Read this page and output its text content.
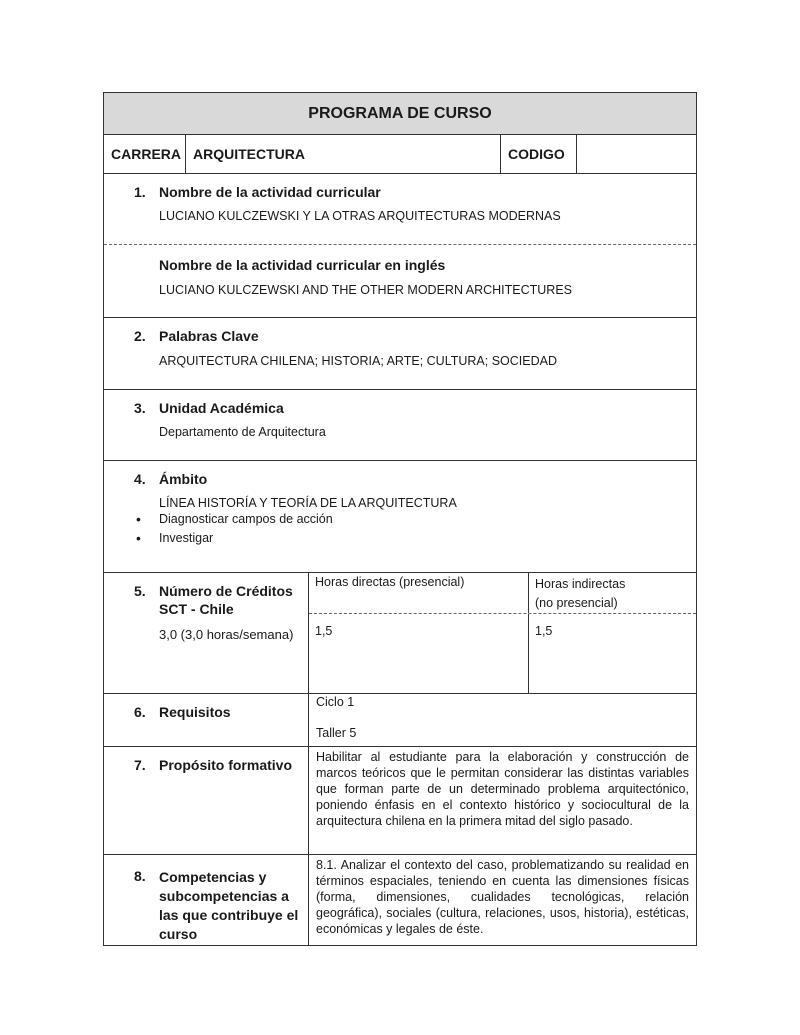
PROGRAMA DE CURSO
CARRERA ARQUITECTURA	CODIGO
1. Nombre de la actividad curricular
LUCIANO KULCZEWSKI Y LA OTRAS ARQUITECTURAS MODERNAS
Nombre de la actividad curricular en inglés
LUCIANO KULCZEWSKI AND THE OTHER MODERN ARCHITECTURES
2. Palabras Clave
ARQUITECTURA CHILENA; HISTORIA; ARTE; CULTURA; SOCIEDAD
3. Unidad Académica
Departamento de Arquitectura
4. Ámbito
LÍNEA HISTORÍA Y TEORÍA DE LA ARQUITECTURA
• Diagnosticar campos de acción
• Investigar
5. Número de Créditos
SCT - Chile
3,0 (3,0 horas/semana)
Horas directas (presencial)	Horas indirectas
(no presencial)
1,5	1,5
6. Requisitos
Ciclo 1
Taller 5
7. Propósito formativo	Habilitar al estudiante para la elaboración y construcción de marcos teóricos que le permitan considerar las distintas variables que forman parte de un determinado problema arquitectónico, poniendo énfasis en el contexto histórico y sociocultural de la arquitectura chilena en la primera mitad del siglo pasado.
8. Competencias y subcompetencias a las que contribuye el curso
8.1. Analizar el contexto del caso, problematizando su realidad en términos espaciales, teniendo en cuenta las dimensiones físicas (forma, dimensiones, cualidades tecnológicas, relación geográfica), sociales (cultura, relaciones, usos, historia), estéticas, económicas y legales de éste.
